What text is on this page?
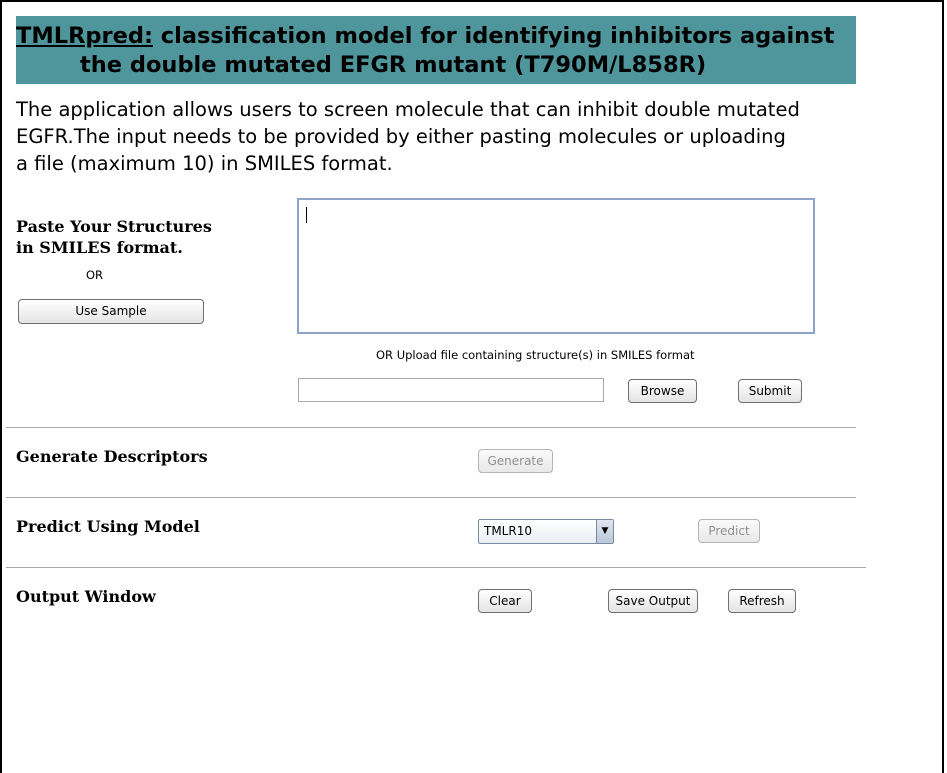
TMLRpred: classification model for identifying inhibitors against
the double mutated EFGR mutant (T790M/L858R)
The application allows users to screen molecule that can inhibit double mutated
EGFR.The input needs to be provided by either pasting molecules or uploading
a file (maximum 10) in SMILES format.
Paste Your Structures
in SMILES format.
OR
Use Sample
OR Upload file containing structure(s) in SMILES format
Browse	Submit
Generate Descriptors	Generate
Predict Using Model	TMLR10	▼	Predict
Output Window	Clear	Save Output	Refresh
